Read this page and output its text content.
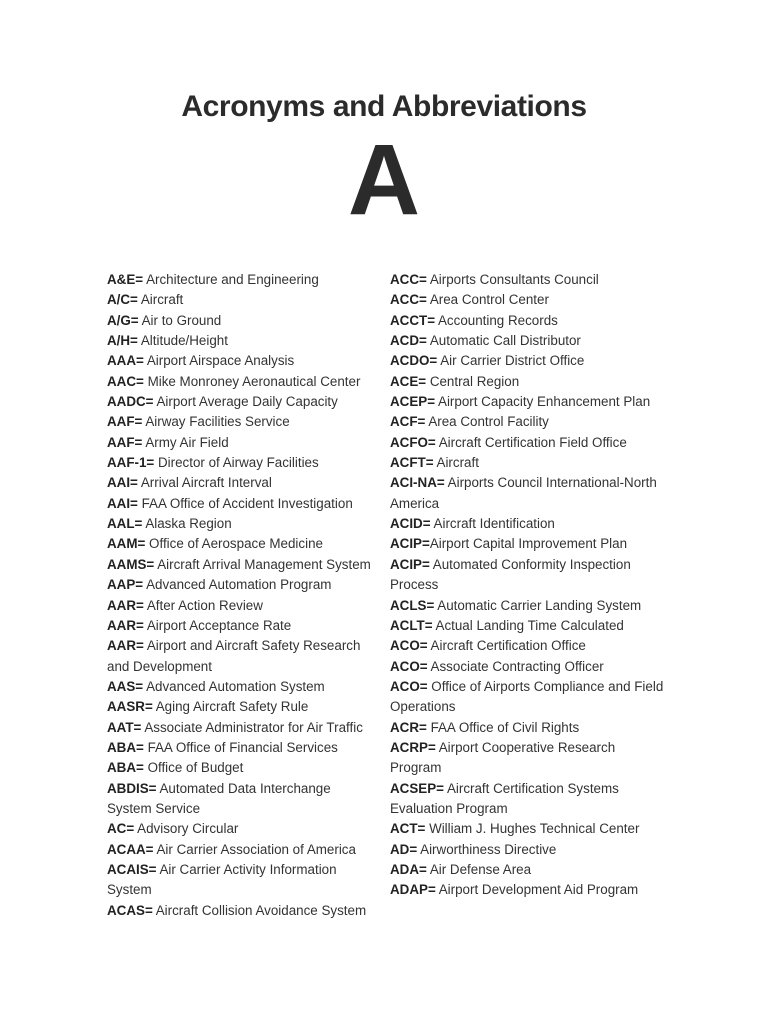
Acronyms and Abbreviations
A

A&E= Architecture and Engineering

A/C= Aircraft

A/G= Air to Ground

A/H= Altitude/Height

AAA= Airport Airspace Analysis

AAC= Mike Monroney Aeronautical Center

AADC= Airport Average Daily Capacity

AAF= Airway Facilities Service

AAF= Army Air Field

AAF-1= Director of Airway Facilities

AAI= Arrival Aircraft Interval

AAI= FAA Office of Accident Investigation

AAL= Alaska Region

AAM= Office of Aerospace Medicine

AAMS= Aircraft Arrival Management System

AAP= Advanced Automation Program

AAR= After Action Review

AAR= Airport Acceptance Rate

AAR= Airport and Aircraft Safety Research and Development

AAS= Advanced Automation System

AASR= Aging Aircraft Safety Rule

AAT= Associate Administrator for Air Traffic

ABA= FAA Office of Financial Services

ABA= Office of Budget

ABDIS= Automated Data Interchange System Service

AC= Advisory Circular

ACAA= Air Carrier Association of America

ACAIS= Air Carrier Activity Information System

ACAS= Aircraft Collision Avoidance System

ACC= Airports Consultants Council

ACC= Area Control Center

ACCT= Accounting Records

ACD= Automatic Call Distributor

ACDO= Air Carrier District Office

ACE= Central Region

ACEP= Airport Capacity Enhancement Plan

ACF= Area Control Facility

ACFO= Aircraft Certification Field Office

ACFT= Aircraft

ACI-NA= Airports Council International-North America

ACID= Aircraft Identification

ACIP=Airport Capital Improvement Plan

ACIP= Automated Conformity Inspection Process

ACLS= Automatic Carrier Landing System

ACLT= Actual Landing Time Calculated

ACO= Aircraft Certification Office

ACO= Associate Contracting Officer

ACO= Office of Airports Compliance and Field Operations

ACR= FAA Office of Civil Rights

ACRP= Airport Cooperative Research Program

ACSEP= Aircraft Certification Systems Evaluation Program

ACT= William J. Hughes Technical Center

AD= Airworthiness Directive

ADA= Air Defense Area

ADAP= Airport Development Aid Program
